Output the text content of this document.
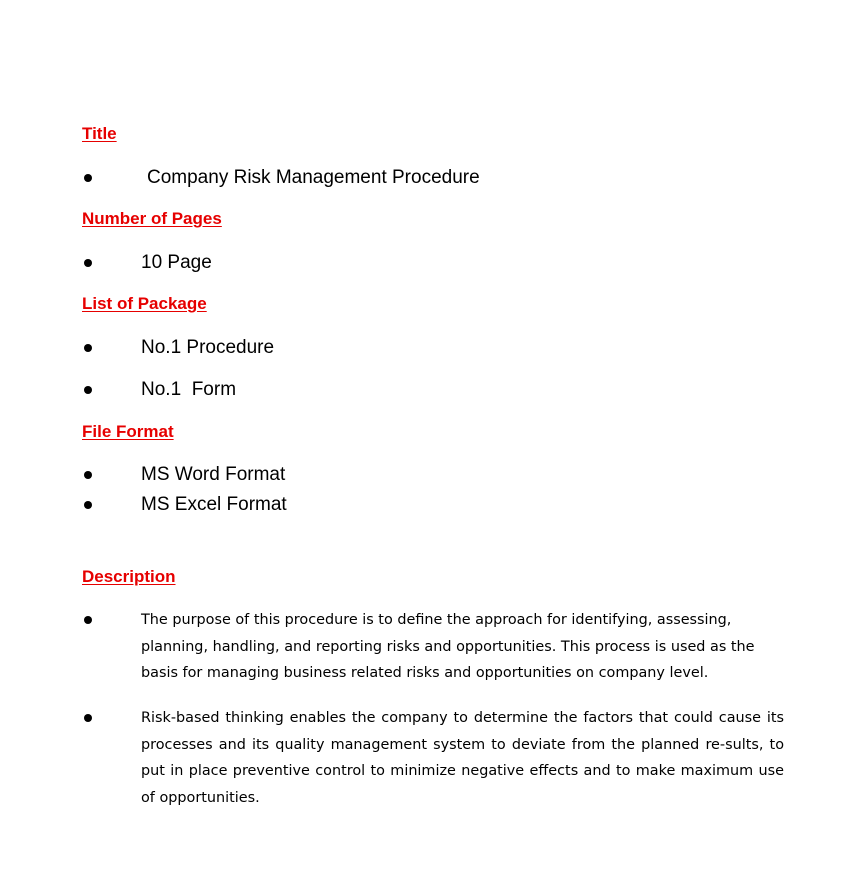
Title
Company Risk Management Procedure
Number of Pages
10 Page
List of Package
No.1 Procedure
No.1  Form
File Format
MS Word Format
MS Excel Format
Description

The purpose of this procedure is to define the approach for identifying, assessing, planning, handling, and reporting risks and opportunities. This process is used as the basis for managing business related risks and opportunities on company level.

Risk-based thinking enables the company to determine the factors that could cause its processes and its quality management system to deviate from the planned re-sults, to put in place preventive control to minimize negative effects and to make maximum use of opportunities.
